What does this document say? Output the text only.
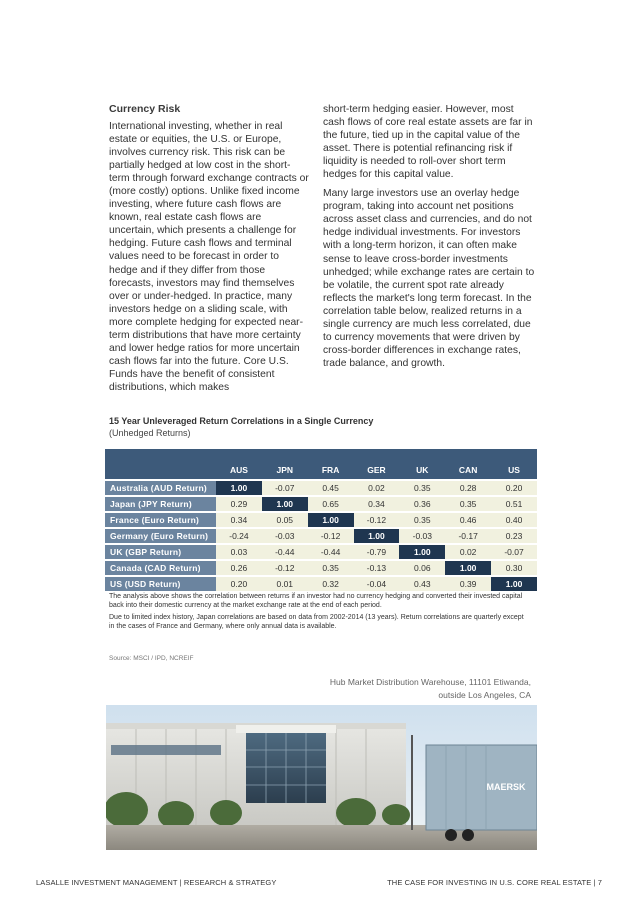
Currency Risk

International investing, whether in real estate or equities, the U.S. or Europe, involves currency risk. This risk can be partially hedged at low cost in the short-term through forward exchange contracts or (more costly) options. Unlike fixed income investing, where future cash flows are known, real estate cash flows are uncertain, which presents a challenge for hedging. Future cash flows and terminal values need to be forecast in order to hedge and if they differ from those forecasts, investors may find themselves over or under-hedged. In practice, many investors hedge on a sliding scale, with more complete hedging for expected near-term distributions that have more certainty and lower hedge ratios for more uncertain cash flows far into the future. Core U.S. Funds have the benefit of consistent distributions, which makes

short-term hedging easier. However, most cash flows of core real estate assets are far in the future, tied up in the capital value of the asset. There is potential refinancing risk if liquidity is needed to roll-over short term hedges for this capital value.

Many large investors use an overlay hedge program, taking into account net positions across asset class and currencies, and do not hedge individual investments. For investors with a long-term horizon, it can often make sense to leave cross-border investments unhedged; while exchange rates are certain to be volatile, the current spot rate already reflects the market's long term forecast. In the correlation table below, realized returns in a single currency are much less correlated, due to currency movements that were driven by cross-border differences in exchange rates, trade balance, and growth.

15 Year Unleveraged Return Correlations in a Single Currency
(Unhedged Returns)
	AUS	JPN	FRA	GER	UK	CAN	US
Australia (AUD Return)	1.00	-0.07	0.45	0.02	0.35	0.28	0.20
Japan (JPY Return)	0.29	1.00	0.65	0.34	0.36	0.35	0.51
France (Euro Return)	0.34	0.05	1.00	-0.12	0.35	0.46	0.40
Germany (Euro Return)	-0.24	-0.03	-0.12	1.00	-0.03	-0.17	0.23
UK (GBP Return)	0.03	-0.44	-0.44	-0.79	1.00	0.02	-0.07
Canada (CAD Return)	0.26	-0.12	0.35	-0.13	0.06	1.00	0.30
US (USD Return)	0.20	0.01	0.32	-0.04	0.43	0.39	1.00

The analysis above shows the correlation between returns if an investor had no currency hedging and converted their invested capital back into their domestic currency at the market exchange rate at the end of each period.

Due to limited index history, Japan correlations are based on data from 2002-2014 (13 years). Return correlations are quarterly except in the cases of France and Germany, where only annual data is available.

Source: MSCI / IPD, NCREIF
Hub Market Distribution Warehouse, 11101 Etiwanda,
outside Los Angeles, CA
MAERSK
LASALLE INVESTMENT MANAGEMENT | RESEARCH & STRATEGY	THE CASE FOR INVESTING IN U.S. CORE REAL ESTATE | 7
